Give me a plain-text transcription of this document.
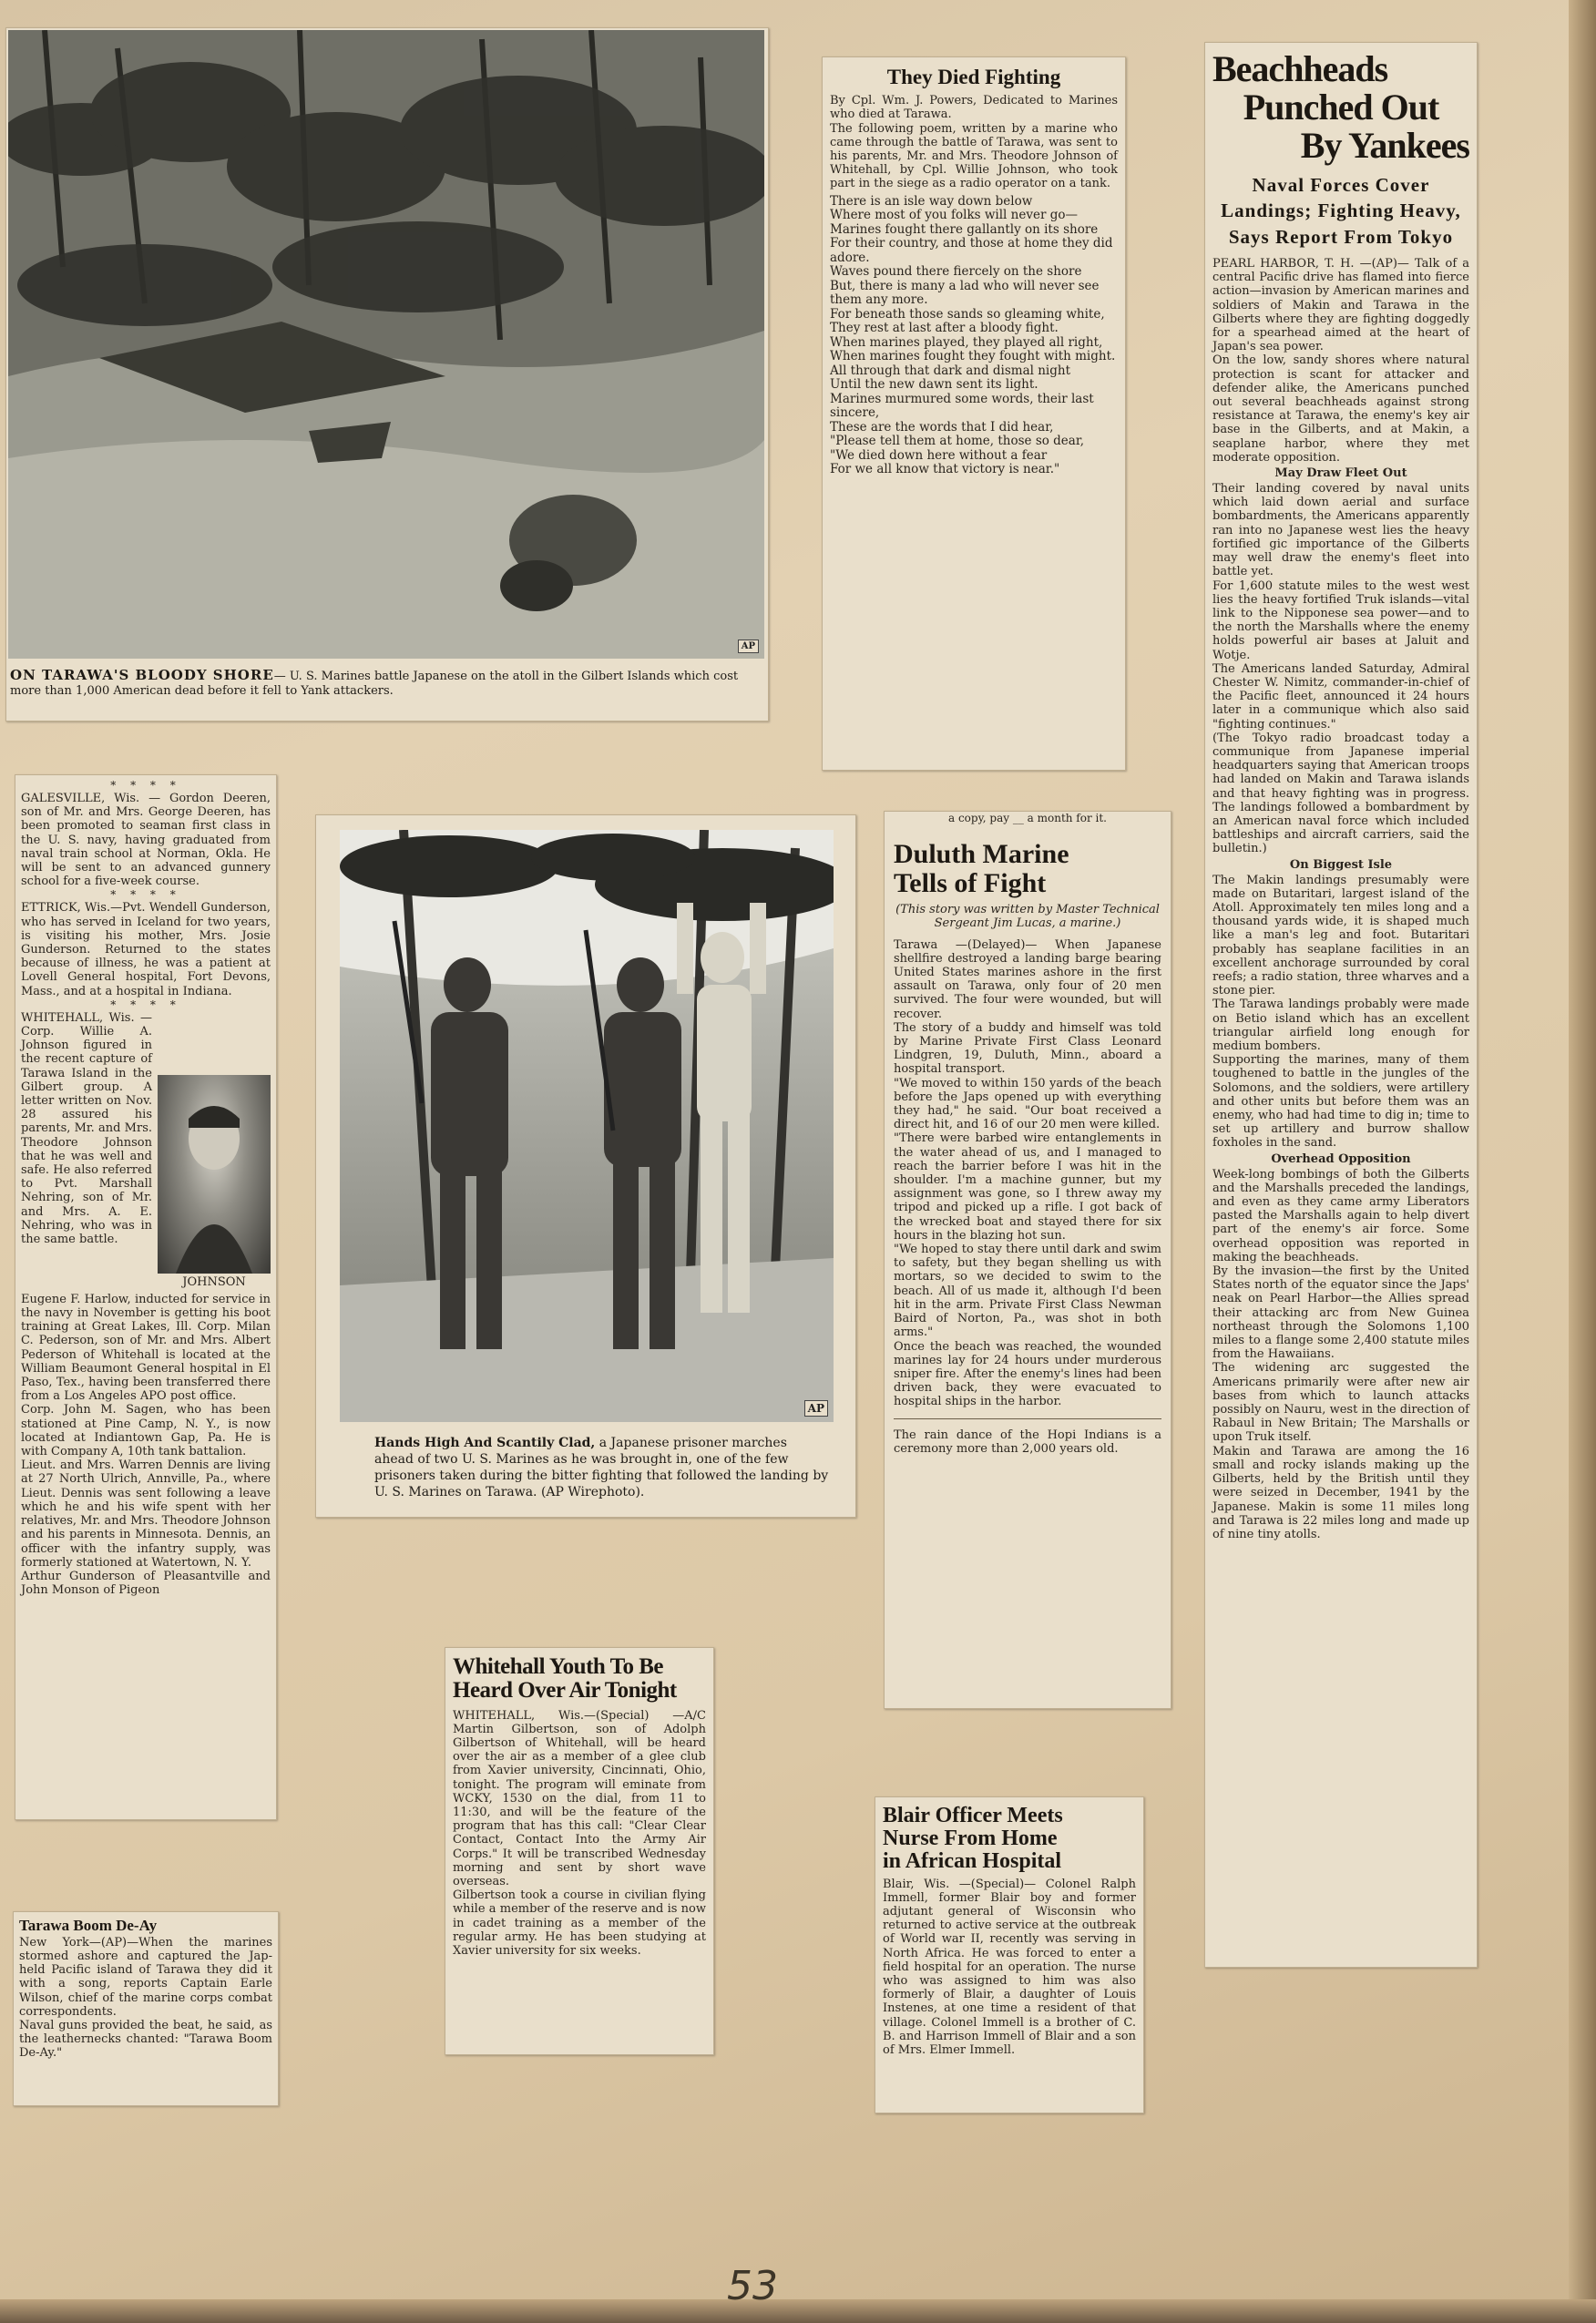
AP
ON TARAWA'S BLOODY SHORE— U. S. Marines battle Japanese on the atoll in the Gilbert Islands which cost more than 1,000 American dead before it fell to Yank attackers.
They Died Fighting

By Cpl. Wm. J. Powers, Dedicated to Marines who died at Tarawa.
The following poem, written by a marine who came through the battle of Tarawa, was sent to his parents, Mr. and Mrs. Theodore Johnson of Whitehall, by Cpl. Willie Johnson, who took part in the siege as a radio operator on a tank.

There is an isle way down below

Where most of you folks will never go—

Marines fought there gallantly on its shore

For their country, and those at home they did adore.

Waves pound there fiercely on the shore

But, there is many a lad who will never see them any more.

For beneath those sands so gleaming white,

They rest at last after a bloody fight.

When marines played, they played all right,

When marines fought they fought with might.

All through that dark and dismal night

Until the new dawn sent its light.

Marines murmured some words, their last sincere,

These are the words that I did hear,

"Please tell them at home, those so dear,

"We died down here without a fear

For we all know that victory is near."

Beachheads
Punched Out
By Yankees

Naval Forces Cover Landings; Fighting Heavy, Says Report From Tokyo

PEARL HARBOR, T. H. —(AP)— Talk of a central Pacific drive has flamed into fierce action—invasion by American marines and soldiers of Makin and Tarawa in the Gilberts where they are fighting doggedly for a spearhead aimed at the heart of Japan's sea power.
On the low, sandy shores where natural protection is scant for attacker and defender alike, the Americans punched out several beachheads against strong resistance at Tarawa, the enemy's key air base in the Gilberts, and at Makin, a seaplane harbor, where they met moderate opposition.

May Draw Fleet Out

Their landing covered by naval units which laid down aerial and surface bombardments, the Americans apparently ran into no Japanese west lies the heavy fortified gic importance of the Gilberts may well draw the enemy's fleet into battle yet.
For 1,600 statute miles to the west west lies the heavy fortified Truk islands—vital link to the Nipponese sea power—and to the north the Marshalls where the enemy holds powerful air bases at Jaluit and Wotje.
The Americans landed Saturday, Admiral Chester W. Nimitz, commander-in-chief of the Pacific fleet, announced it 24 hours later in a communique which also said "fighting continues."
(The Tokyo radio broadcast today a communique from Japanese imperial headquarters saying that American troops had landed on Makin and Tarawa islands and that heavy fighting was in progress. The landings followed a bombardment by an American naval force which included battleships and aircraft carriers, said the bulletin.)

On Biggest Isle

The Makin landings presumably were made on Butaritari, largest island of the Atoll. Approximately ten miles long and a thousand yards wide, it is shaped much like a man's leg and foot. Butaritari probably has seaplane facilities in an excellent anchorage surrounded by coral reefs; a radio station, three wharves and a stone pier.
The Tarawa landings probably were made on Betio island which has an excellent triangular airfield long enough for medium bombers.
Supporting the marines, many of them toughened to battle in the jungles of the Solomons, and the soldiers, were artillery and other units but before them was an enemy, who had had time to dig in; time to set up artillery and burrow shallow foxholes in the sand.

Overhead Opposition

Week-long bombings of both the Gilberts and the Marshalls preceded the landings, and even as they came army Liberators pasted the Marshalls again to help divert part of the enemy's air force. Some overhead opposition was reported in making the beachheads.
By the invasion—the first by the United States north of the equator since the Japs' neak on Pearl Harbor—the Allies spread their attacking arc from New Guinea northeast through the Solomons 1,100 miles to a flange some 2,400 statute miles from the Hawaiians.
The widening arc suggested the Americans primarily were after new air bases from which to launch attacks possibly on Nauru, west in the direction of Rabaul in New Britain; The Marshalls or upon Truk itself.
Makin and Tarawa are among the 16 small and rocky islands making up the Gilberts, held by the British until they were seized in December, 1941 by the Japanese. Makin is some 11 miles long and Tarawa is 22 miles long and made up of nine tiny atolls.

* * * *

GALESVILLE, Wis. — Gordon Deeren, son of Mr. and Mrs. George Deeren, has been promoted to seaman first class in the U. S. navy, having graduated from naval train school at Norman, Okla. He will be sent to an advanced gunnery school for a five-week course.

* * * *

ETTRICK, Wis.—Pvt. Wendell Gunderson, who has served in Iceland for two years, is visiting his mother, Mrs. Josie Gunderson. Returned to the states because of illness, he was a patient at Lovell General hospital, Fort Devons, Mass., and at a hospital in Indiana.

* * * *
JOHNSON

WHITEHALL, Wis. — Corp. Willie A. Johnson figured in the recent capture of Tarawa Island in the Gilbert group. A letter written on Nov. 28 assured his parents, Mr. and Mrs. Theodore Johnson that he was well and safe. He also referred to Pvt. Marshall Nehring, son of Mr. and Mrs. A. E. Nehring, who was in the same battle.

Eugene F. Harlow, inducted for service in the navy in November is getting his boot training at Great Lakes, Ill. Corp. Milan C. Pederson, son of Mr. and Mrs. Albert Pederson of Whitehall is located at the William Beaumont General hospital in El Paso, Tex., having been transferred there from a Los Angeles APO post office.
Corp. John M. Sagen, who has been stationed at Pine Camp, N. Y., is now located at Indiantown Gap, Pa. He is with Company A, 10th tank battalion.
Lieut. and Mrs. Warren Dennis are living at 27 North Ulrich, Annville, Pa., where Lieut. Dennis was sent following a leave which he and his wife spent with her relatives, Mr. and Mrs. Theodore Johnson and his parents in Minnesota. Dennis, an officer with the infantry supply, was formerly stationed at Watertown, N. Y.
Arthur Gunderson of Pleasantville and John Monson of Pigeon

AP
Hands High And Scantily Clad, a Japanese prisoner marches ahead of two U. S. Marines as he was brought in, one of the few prisoners taken during the bitter fighting that followed the landing by U. S. Marines on Tarawa. (AP Wirephoto).

a copy, pay __ a month for it.

Duluth Marine
Tells of Fight

(This story was written by Master Technical Sergeant Jim Lucas, a marine.)

Tarawa —(Delayed)— When Japanese shellfire destroyed a landing barge bearing United States marines ashore in the first assault on Tarawa, only four of 20 men survived. The four were wounded, but will recover.
The story of a buddy and himself was told by Marine Private First Class Leonard Lindgren, 19, Duluth, Minn., aboard a hospital transport.
"We moved to within 150 yards of the beach before the Japs opened up with everything they had," he said. "Our boat received a direct hit, and 16 of our 20 men were killed.
"There were barbed wire entanglements in the water ahead of us, and I managed to reach the barrier before I was hit in the shoulder. I'm a machine gunner, but my assignment was gone, so I threw away my tripod and picked up a rifle. I got back of the wrecked boat and stayed there for six hours in the blazing hot sun.
"We hoped to stay there until dark and swim to safety, but they began shelling us with mortars, so we decided to swim to the beach. All of us made it, although I'd been hit in the arm. Private First Class Newman Baird of Norton, Pa., was shot in both arms."
Once the beach was reached, the wounded marines lay for 24 hours under murderous sniper fire. After the enemy's lines had been driven back, they were evacuated to hospital ships in the harbor.

The rain dance of the Hopi Indians is a ceremony more than 2,000 years old.

Whitehall Youth To Be
Heard Over Air Tonight

WHITEHALL, Wis.—(Special) —A/C Martin Gilbertson, son of Adolph Gilbertson of Whitehall, will be heard over the air as a member of a glee club from Xavier university, Cincinnati, Ohio, tonight. The program will eminate from WCKY, 1530 on the dial, from 11 to 11:30, and will be the feature of the program that has this call: "Clear Clear Contact, Contact Into the Army Air Corps." It will be transcribed Wednesday morning and sent by short wave overseas.
Gilbertson took a course in civilian flying while a member of the reserve and is now in cadet training as a member of the regular army. He has been studying at Xavier university for six weeks.

Blair Officer Meets
Nurse From Home
in African Hospital

Blair, Wis. —(Special)— Colonel Ralph Immell, former Blair boy and former adjutant general of Wisconsin who returned to active service at the outbreak of World war II, recently was serving in North Africa. He was forced to enter a field hospital for an operation. The nurse who was assigned to him was also formerly of Blair, a daughter of Louis Instenes, at one time a resident of that village. Colonel Immell is a brother of C. B. and Harrison Immell of Blair and a son of Mrs. Elmer Immell.

Tarawa Boom De-Ay

New York—(AP)—When the marines stormed ashore and captured the Jap-held Pacific island of Tarawa they did it with a song, reports Captain Earle Wilson, chief of the marine corps combat correspondents.
Naval guns provided the beat, he said, as the leathernecks chanted: "Tarawa Boom De-Ay."

53
